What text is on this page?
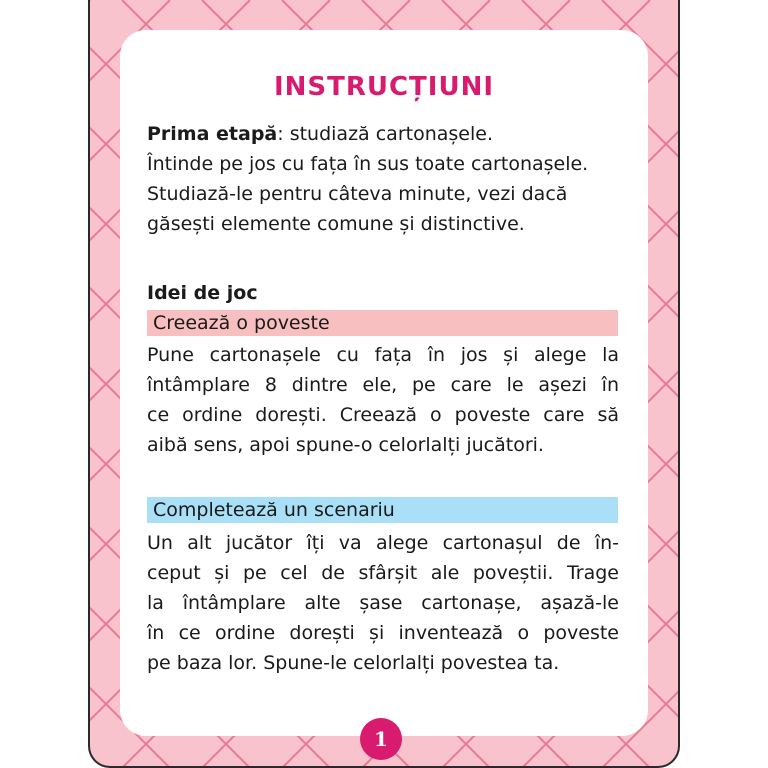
INSTRUCȚIUNI
Prima etapă: studiază cartonașele.
Întinde pe jos cu fața în sus toate cartonașele.
Studiază-le pentru câteva minute, vezi dacă
găsești elemente comune și distinctive.
Idei de joc
Creează o poveste
Pune cartonașele cu fața în jos și alege la
întâmplare 8 dintre ele, pe care le așezi în
ce ordine dorești. Creează o poveste care să
aibă sens, apoi spune-o celorlalți jucători.
Completează un scenariu
Un alt jucător îți va alege cartonașul de în-
ceput și pe cel de sfârșit ale poveștii. Trage
la întâmplare alte șase cartonașe, așază-le
în ce ordine dorești și inventează o poveste
pe baza lor. Spune-le celorlalți povestea ta.
1
